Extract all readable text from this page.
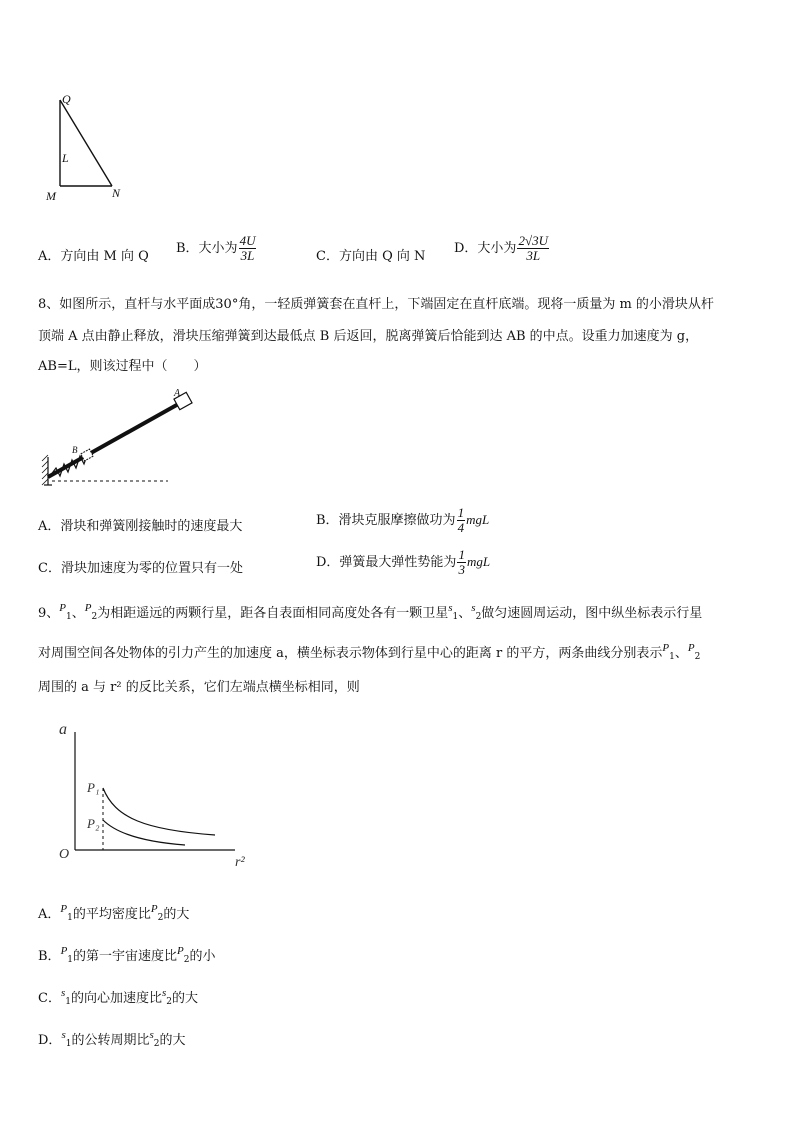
Q
L
M	N
A．方向由 M 向 Q
B．大小为 $\frac{4U}{3L}$	C．方向由 Q 向 N
D．大小为 $\frac{2√3U}{3L}$
8、如图所示，直杆与水平面成30°角，一轻质弹簧套在直杆上，下端固定在直杆底端。现将一质量为 m 的小滑块从杆
顶端 A 点由静止释放，滑块压缩弹簧到达最低点 B 后返回，脱离弹簧后恰能到达 AB 的中点。设重力加速度为 g，
AB=L，则该过程中（　　）
A
B
A．滑块和弹簧刚接触时的速度最大	B．滑块克服摩擦做功为 $\frac{1}{4}$ mgL
C．滑块加速度为零的位置只有一处	D．弹簧最大弹性势能为 $\frac{1}{3}$ mgL
9、$^P_1$、$^P_2$为相距遥远的两颗行星，距各自表面相同高度处各有一颗卫星$^s_1$、$^s_2$做匀速圆周运动，图中纵坐标表示行星
对周围空间各处物体的引力产生的加速度 a，横坐标表示物体到行星中心的距离 r 的平方，两条曲线分别表示$^P_1$、$^P_2$
周围的 a 与 r² 的反比关系，它们左端点横坐标相同，则
a
O
r²
P₁
P₂
A．$^P_1$的平均密度比$^P_2$的大
B．$^P_1$的第一宇宙速度比$^P_2$的小
C．$^s_1$的向心加速度比$^s_2$的大
D．$^s_1$的公转周期比$^s_2$的大
